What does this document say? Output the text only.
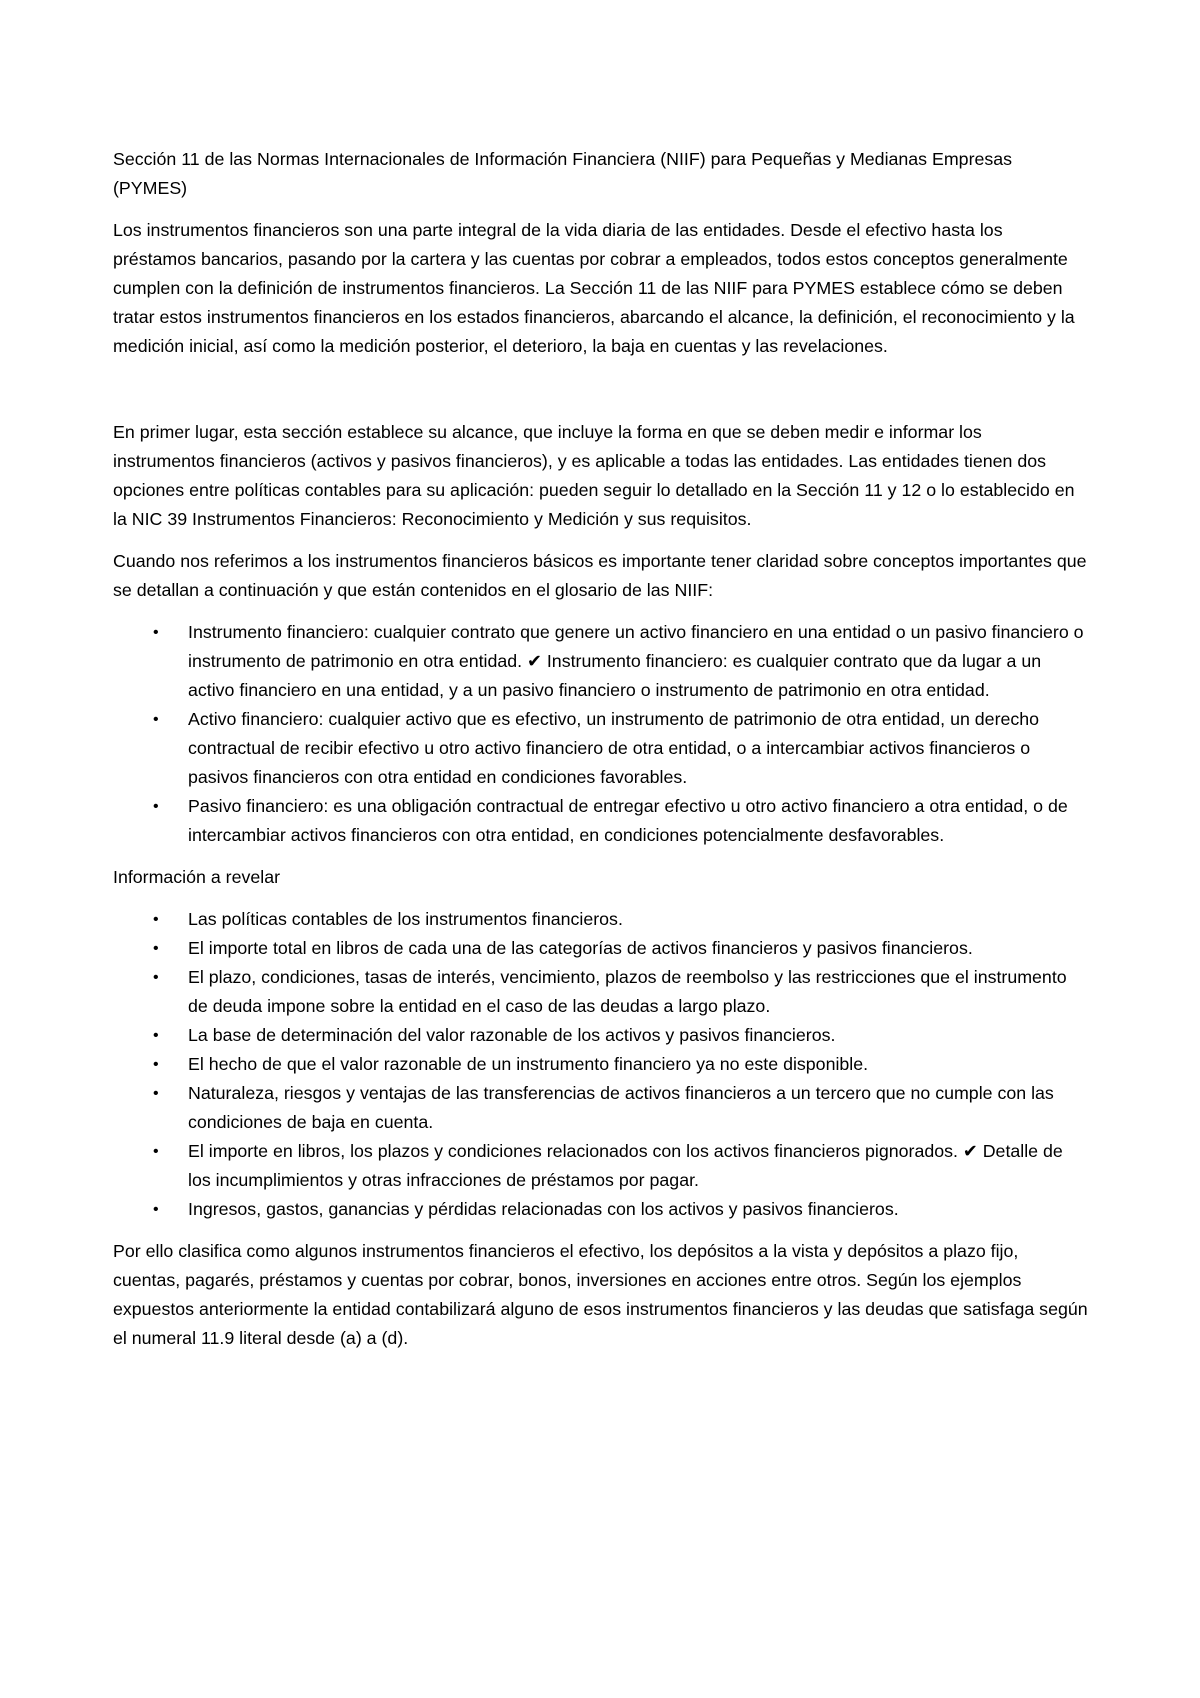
Sección 11 de las Normas Internacionales de Información Financiera (NIIF) para Pequeñas y Medianas Empresas (PYMES)

Los instrumentos financieros son una parte integral de la vida diaria de las entidades. Desde el efectivo hasta los préstamos bancarios, pasando por la cartera y las cuentas por cobrar a empleados, todos estos conceptos generalmente cumplen con la definición de instrumentos financieros. La Sección 11 de las NIIF para PYMES establece cómo se deben tratar estos instrumentos financieros en los estados financieros, abarcando el alcance, la definición, el reconocimiento y la medición inicial, así como la medición posterior, el deterioro, la baja en cuentas y las revelaciones.

En primer lugar, esta sección establece su alcance, que incluye la forma en que se deben medir e informar los instrumentos financieros (activos y pasivos financieros), y es aplicable a todas las entidades. Las entidades tienen dos opciones entre políticas contables para su aplicación: pueden seguir lo detallado en la Sección 11 y 12 o lo establecido en la NIC 39 Instrumentos Financieros: Reconocimiento y Medición y sus requisitos.

Cuando nos referimos a los instrumentos financieros básicos es importante tener claridad sobre conceptos importantes que se detallan a continuación y que están contenidos en el glosario de las NIIF:

•	Instrumento financiero: cualquier contrato que genere un activo financiero en una entidad o un pasivo financiero o instrumento de patrimonio en otra entidad. ✔ Instrumento financiero: es cualquier contrato que da lugar a un activo financiero en una entidad, y a un pasivo financiero o instrumento de patrimonio en otra entidad.
•	Activo financiero: cualquier activo que es efectivo, un instrumento de patrimonio de otra entidad, un derecho contractual de recibir efectivo u otro activo financiero de otra entidad, o a intercambiar activos financieros o pasivos financieros con otra entidad en condiciones favorables.
•	Pasivo financiero: es una obligación contractual de entregar efectivo u otro activo financiero a otra entidad, o de intercambiar activos financieros con otra entidad, en condiciones potencialmente desfavorables.

Información a revelar

•	Las políticas contables de los instrumentos financieros.
•	El importe total en libros de cada una de las categorías de activos financieros y pasivos financieros.
•	El plazo, condiciones, tasas de interés, vencimiento, plazos de reembolso y las restricciones que el instrumento de deuda impone sobre la entidad en el caso de las deudas a largo plazo.
•	La base de determinación del valor razonable de los activos y pasivos financieros.
•	El hecho de que el valor razonable de un instrumento financiero ya no este disponible.
•	Naturaleza, riesgos y ventajas de las transferencias de activos financieros a un tercero que no cumple con las condiciones de baja en cuenta.
•	El importe en libros, los plazos y condiciones relacionados con los activos financieros pignorados. ✔ Detalle de los incumplimientos y otras infracciones de préstamos por pagar.
•	Ingresos, gastos, ganancias y pérdidas relacionadas con los activos y pasivos financieros.

Por ello clasifica como algunos instrumentos financieros el efectivo, los depósitos a la vista y depósitos a plazo fijo, cuentas, pagarés, préstamos y cuentas por cobrar, bonos, inversiones en acciones entre otros. Según los ejemplos expuestos anteriormente la entidad contabilizará alguno de esos instrumentos financieros y las deudas que satisfaga según el numeral 11.9 literal desde (a) a (d).
